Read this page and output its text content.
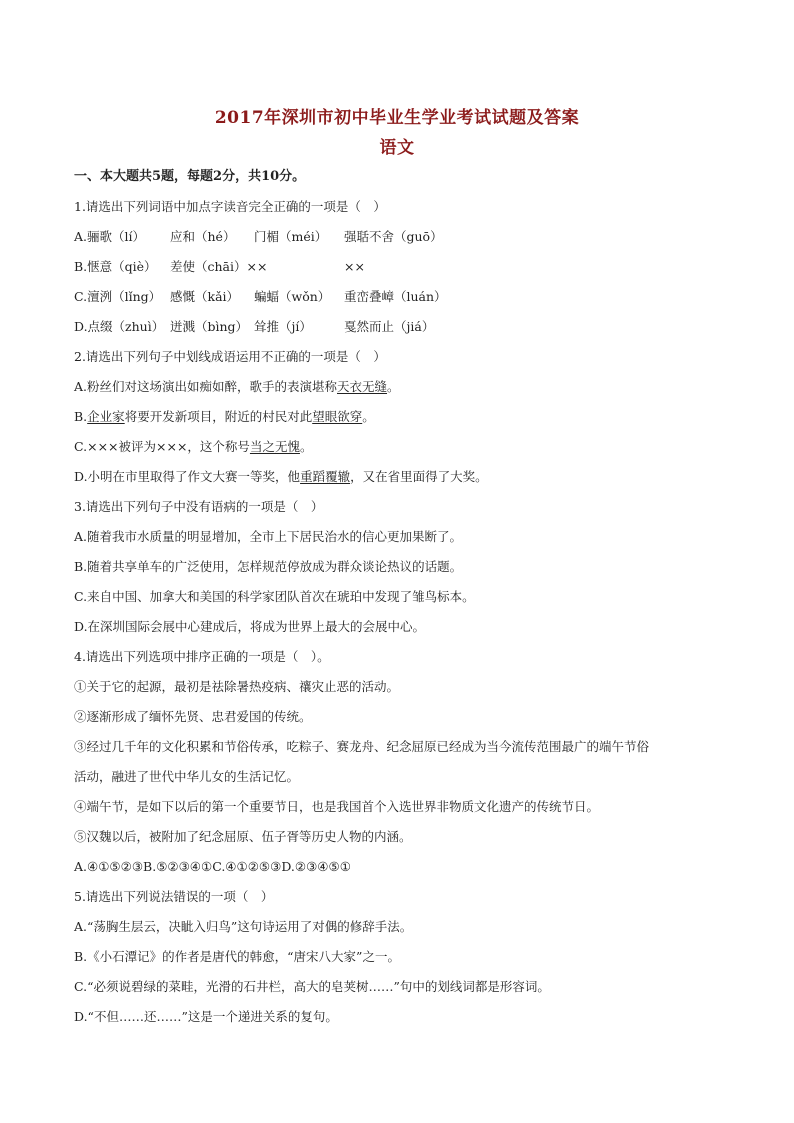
2017年深圳市初中毕业生学业考试试题及答案
语文
一、本大题共5题，每题2分，共10分。
1.请选出下列词语中加点字读音完全正确的一项是（　）
A.骊歌（lí） 应和（hé） 门楣（méi） 强聒不舍（guō）
B.惬意（qiè） 差使（chāi）××	××
C.澶洌（lǐng） 感慨（kǎi） 蝙蝠（wǒn） 重峦叠嶂（luán）
D.点缀（zhuì） 迸溅（bìng） 耸推（jí）	戛然而止（jiá）
2.请选出下列句子中划线成语运用不正确的一项是（　）
A.粉丝们对这场演出如痴如醉，歌手的表演堪称天衣无缝。
B.企业家将要开发新项目，附近的村民对此望眼欲穿。
C.×××被评为×××，这个称号当之无愧。
D.小明在市里取得了作文大赛一等奖，他重蹈覆辙，又在省里面得了大奖。
3.请选出下列句子中没有语病的一项是（　）
A.随着我市水质量的明显增加，全市上下居民治水的信心更加果断了。
B.随着共享单车的广泛使用，怎样规范停放成为群众谈论热议的话题。
C.来自中国、加拿大和美国的科学家团队首次在琥珀中发现了雏鸟标本。
D.在深圳国际会展中心建成后，将成为世界上最大的会展中心。
4.请选出下列选项中排序正确的一项是（　）。
①关于它的起源，最初是祛除暑热疫病、禳灾止恶的活动。
②逐渐形成了缅怀先贤、忠君爱国的传统。
③经过几千年的文化积累和节俗传承，吃粽子、赛龙舟、纪念屈原已经成为当今流传范围最广的端午节俗
活动，融进了世代中华儿女的生活记忆。
④端午节，是如下以后的第一个重要节日，也是我国首个入选世界非物质文化遗产的传统节日。
⑤汉魏以后，被附加了纪念屈原、伍子胥等历史人物的内涵。
A.④①⑤②③B.⑤②③④①C.④①②⑤③D.②③④⑤①
5.请选出下列说法错误的一项（　）
A.“荡胸生层云，决眦入归鸟”这句诗运用了对偶的修辞手法。
B.《小石潭记》的作者是唐代的韩愈，“唐宋八大家”之一。
C.“必须说碧绿的菜畦，光滑的石井栏，高大的皂荚树……”句中的划线词都是形容词。
D.“不但……还……”这是一个递进关系的复句。
